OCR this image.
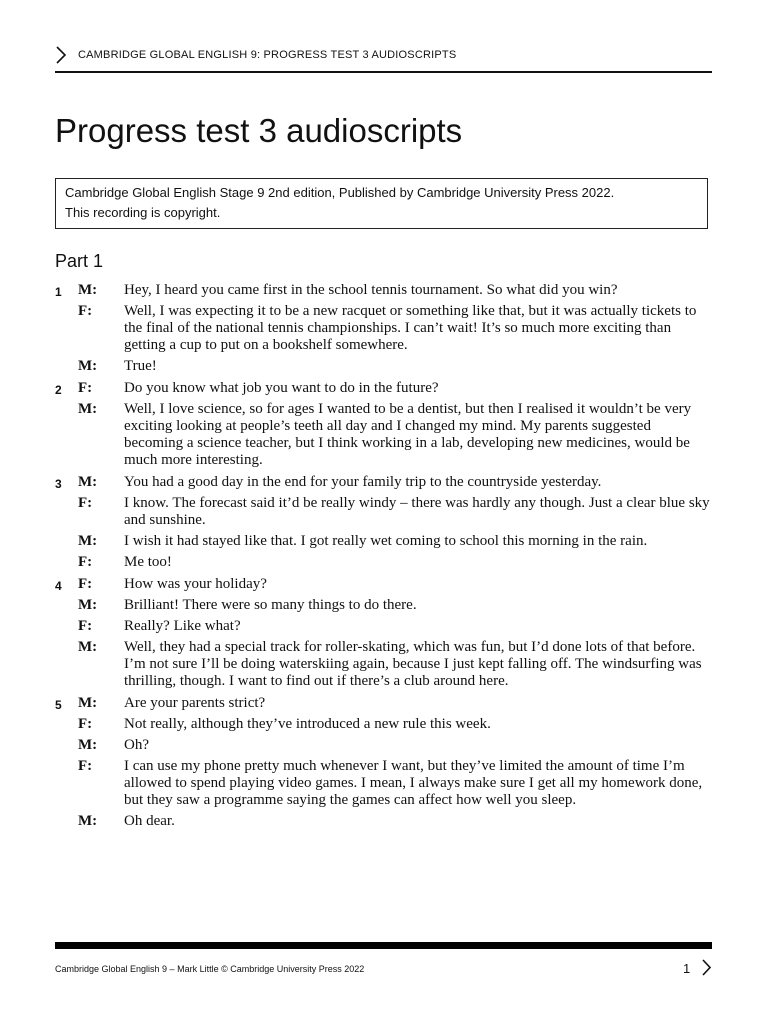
CAMBRIDGE GLOBAL ENGLISH 9: PROGRESS TEST 3 AUDIOSCRIPTS
Progress test 3 audioscripts
Cambridge Global English Stage 9 2nd edition, Published by Cambridge University Press 2022.
This recording is copyright.
Part 1
1	M:	Hey, I heard you came first in the school tennis tournament. So what did you win?
F:	Well, I was expecting it to be a new racquet or something like that, but it was actually tickets to the final of the national tennis championships. I can’t wait! It’s so much more exciting than getting a cup to put on a bookshelf somewhere.
M:	True!
2	F:	Do you know what job you want to do in the future?
M:	Well, I love science, so for ages I wanted to be a dentist, but then I realised it wouldn’t be very exciting looking at people’s teeth all day and I changed my mind. My parents suggested becoming a science teacher, but I think working in a lab, developing new medicines, would be much more interesting.
3	M:	You had a good day in the end for your family trip to the countryside yesterday.
F:	I know. The forecast said it’d be really windy – there was hardly any though. Just a clear blue sky and sunshine.
M:	I wish it had stayed like that. I got really wet coming to school this morning in the rain.
F:	Me too!
4	F:	How was your holiday?
M:	Brilliant! There were so many things to do there.
F:	Really? Like what?
M:	Well, they had a special track for roller-skating, which was fun, but I’d done lots of that before. I’m not sure I’ll be doing waterskiing again, because I just kept falling off. The windsurfing was thrilling, though. I want to find out if there’s a club around here.
5	M:	Are your parents strict?
F:	Not really, although they’ve introduced a new rule this week.
M:	Oh?
F:	I can use my phone pretty much whenever I want, but they’ve limited the amount of time I’m allowed to spend playing video games. I mean, I always make sure I get all my homework done, but they saw a programme saying the games can affect how well you sleep.
M:	Oh dear.
Cambridge Global English 9 – Mark Little © Cambridge University Press 2022	1
